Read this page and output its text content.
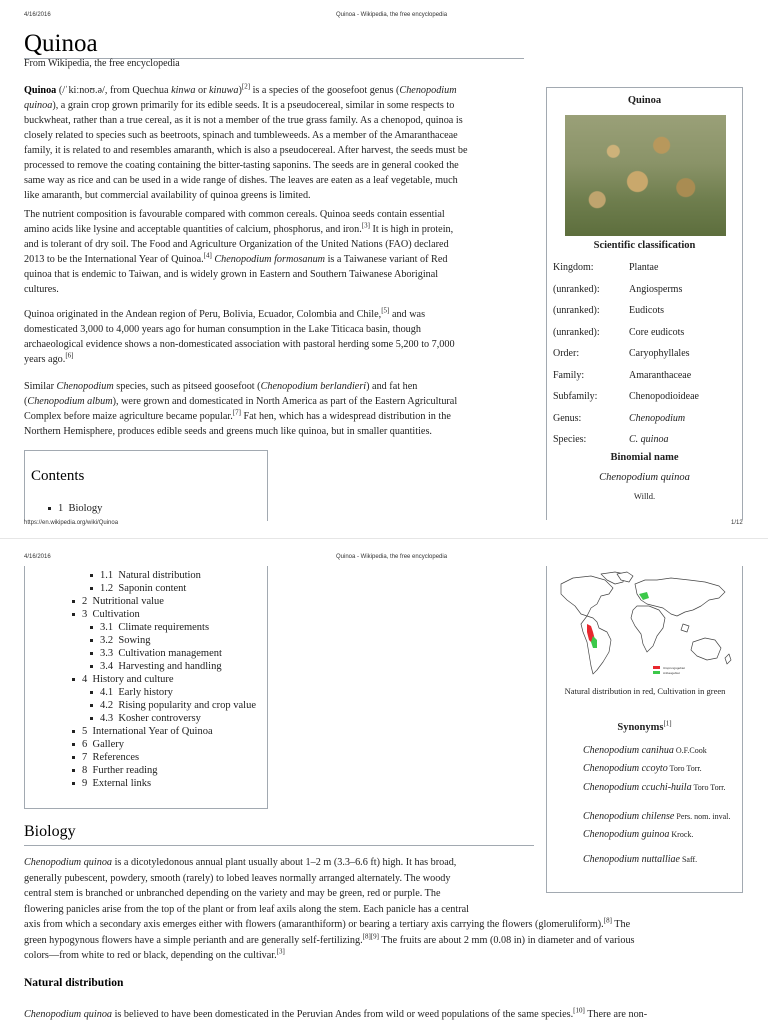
4/16/2016	Quinoa - Wikipedia, the free encyclopedia
Quinoa
From Wikipedia, the free encyclopedia
Quinoa (/ˈkiːnoʊ.ə/, from Quechua kinwa or kinuwa)[2] is a species of the goosefoot genus (Chenopodium
quinoa), a grain crop grown primarily for its edible seeds. It is a pseudocereal, similar in some respects to
buckwheat, rather than a true cereal, as it is not a member of the true grass family. As a chenopod, quinoa is
closely related to species such as beetroots, spinach and tumbleweeds. As a member of the Amaranthaceae
family, it is related to and resembles amaranth, which is also a pseudocereal. After harvest, the seeds must be
processed to remove the coating containing the bitter-tasting saponins. The seeds are in general cooked the
same way as rice and can be used in a wide range of dishes. The leaves are eaten as a leaf vegetable, much
like amaranth, but commercial availability of quinoa greens is limited.
The nutrient composition is favourable compared with common cereals. Quinoa seeds contain essential
amino acids like lysine and acceptable quantities of calcium, phosphorus, and iron.[3] It is high in protein,
and is tolerant of dry soil. The Food and Agriculture Organization of the United Nations (FAO) declared
2013 to be the International Year of Quinoa.[4] Chenopodium formosanum is a Taiwanese variant of Red
quinoa that is endemic to Taiwan, and is widely grown in Eastern and Southern Taiwanese Aboriginal
cultures.
Quinoa originated in the Andean region of Peru, Bolivia, Ecuador, Colombia and Chile,[5] and was
domesticated 3,000 to 4,000 years ago for human consumption in the Lake Titicaca basin, though
archaeological evidence shows a non-domesticated association with pastoral herding some 5,200 to 7,000
years ago.[6]
Similar Chenopodium species, such as pitseed goosefoot (Chenopodium berlandieri) and fat hen
(Chenopodium album), were grown and domesticated in North America as part of the Eastern Agricultural
Complex before maize agriculture became popular.[7] Fat hen, which has a widespread distribution in the
Northern Hemisphere, produces edible seeds and greens much like quinoa, but in smaller quantities.
Contents
1 Biology
Quinoa
Scientific classification
Kingdom:	Plantae
(unranked):	Angiosperms
(unranked):	Eudicots
(unranked):	Core eudicots
Order:	Caryophyllales
Family:	Amaranthaceae
Subfamily:	Chenopodioideae
Genus:	Chenopodium
Species:	C. quinoa
Binomial name
Chenopodium quinoa
Willd.
https://en.wikipedia.org/wiki/Quinoa	1/12
4/16/2016	Quinoa - Wikipedia, the free encyclopedia
1.1  Natural distribution
1.2  Saponin content
2  Nutritional value
3  Cultivation
3.1  Climate requirements
3.2  Sowing
3.3  Cultivation management
3.4  Harvesting and handling
4  History and culture
4.1  Early history
4.2  Rising popularity and crop value
4.3  Kosher controversy
5  International Year of Quinoa
6  Gallery
7  References
8  Further reading
9  External links
Ursprungsgebiet
Anbaugebiet
Natural distribution in red, Cultivation in green
Synonyms[1]
Chenopodium canihua O.F.Cook
Chenopodium ccoyto Toro Torr.
Chenopodium ccuchi-huila Toro Torr.
Chenopodium chilense Pers. nom. inval.
Chenopodium guinoa Krock.
Chenopodium nuttalliae Saff.
Biology
Chenopodium quinoa is a dicotyledonous annual plant usually about 1–2 m (3.3–6.6 ft) high. It has broad,
generally pubescent, powdery, smooth (rarely) to lobed leaves normally arranged alternately. The woody
central stem is branched or unbranched depending on the variety and may be green, red or purple. The
flowering panicles arise from the top of the plant or from leaf axils along the stem. Each panicle has a central
axis from which a secondary axis emerges either with flowers (amaranthiform) or bearing a tertiary axis carrying the flowers (glomeruliform).[8] The
green hypogynous flowers have a simple perianth and are generally self-fertilizing.[8][9] The fruits are about 2 mm (0.08 in) in diameter and of various
colors—from white to red or black, depending on the cultivar.[3]
Natural distribution
Chenopodium quinoa is believed to have been domesticated in the Peruvian Andes from wild or weed populations of the same species.[10] There are non-
